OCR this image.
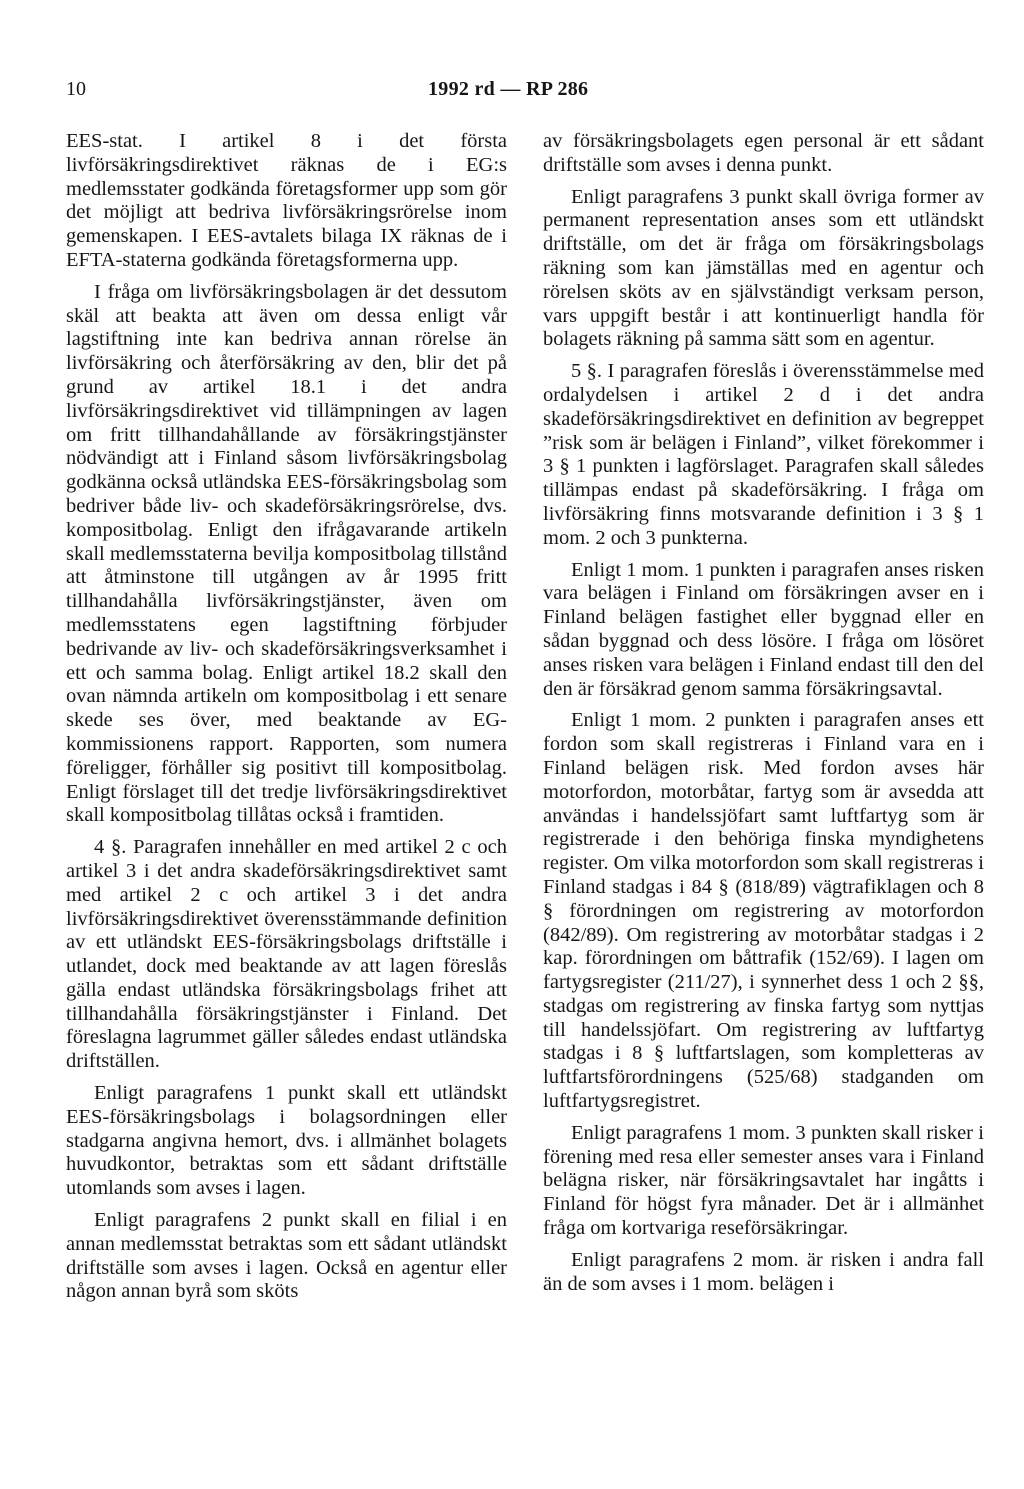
10	1992 rd — RP 286

EES-stat. I artikel 8 i det första livförsäkringsdirektivet räknas de i EG:s medlemsstater godkända företagsformer upp som gör det möjligt att bedriva livförsäkringsrörelse inom gemenskapen. I EES-avtalets bilaga IX räknas de i EFTA-staterna godkända företagsformerna upp.

I fråga om livförsäkringsbolagen är det dessutom skäl att beakta att även om dessa enligt vår lagstiftning inte kan bedriva annan rörelse än livförsäkring och återförsäkring av den, blir det på grund av artikel 18.1 i det andra livförsäkringsdirektivet vid tillämpningen av lagen om fritt tillhandahållande av försäkringstjänster nödvändigt att i Finland såsom livförsäkringsbolag godkänna också utländska EES-försäkringsbolag som bedriver både liv- och skadeförsäkringsrörelse, dvs. kompositbolag. Enligt den ifrågavarande artikeln skall medlemsstaterna bevilja kompositbolag tillstånd att åtminstone till utgången av år 1995 fritt tillhandahålla livförsäkringstjänster, även om medlemsstatens egen lagstiftning förbjuder bedrivande av liv- och skadeförsäkringsverksamhet i ett och samma bolag. Enligt artikel 18.2 skall den ovan nämnda artikeln om kompositbolag i ett senare skede ses över, med beaktande av EG-kommissionens rapport. Rapporten, som numera föreligger, förhåller sig positivt till kompositbolag. Enligt förslaget till det tredje livförsäkringsdirektivet skall kompositbolag tillåtas också i framtiden.

4 §. Paragrafen innehåller en med artikel 2 c och artikel 3 i det andra skadeförsäkringsdirektivet samt med artikel 2 c och artikel 3 i det andra livförsäkringsdirektivet överensstämmande definition av ett utländskt EES-försäkringsbolags driftställe i utlandet, dock med beaktande av att lagen föreslås gälla endast utländska försäkringsbolags frihet att tillhandahålla försäkringstjänster i Finland. Det föreslagna lagrummet gäller således endast utländska driftställen.

Enligt paragrafens 1 punkt skall ett utländskt EES-försäkringsbolags i bolagsordningen eller stadgarna angivna hemort, dvs. i allmänhet bolagets huvudkontor, betraktas som ett sådant driftställe utomlands som avses i lagen.

Enligt paragrafens 2 punkt skall en filial i en annan medlemsstat betraktas som ett sådant utländskt driftställe som avses i lagen. Också en agentur eller någon annan byrå som sköts

av försäkringsbolagets egen personal är ett sådant driftställe som avses i denna punkt.

Enligt paragrafens 3 punkt skall övriga former av permanent representation anses som ett utländskt driftställe, om det är fråga om försäkringsbolags räkning som kan jämställas med en agentur och rörelsen sköts av en självständigt verksam person, vars uppgift består i att kontinuerligt handla för bolagets räkning på samma sätt som en agentur.

5 §. I paragrafen föreslås i överensstämmelse med ordalydelsen i artikel 2 d i det andra skadeförsäkringsdirektivet en definition av begreppet ”risk som är belägen i Finland”, vilket förekommer i 3 § 1 punkten i lagförslaget. Paragrafen skall således tillämpas endast på skadeförsäkring. I fråga om livförsäkring finns motsvarande definition i 3 § 1 mom. 2 och 3 punkterna.

Enligt 1 mom. 1 punkten i paragrafen anses risken vara belägen i Finland om försäkringen avser en i Finland belägen fastighet eller byggnad eller en sådan byggnad och dess lösöre. I fråga om lösöret anses risken vara belägen i Finland endast till den del den är försäkrad genom samma försäkringsavtal.

Enligt 1 mom. 2 punkten i paragrafen anses ett fordon som skall registreras i Finland vara en i Finland belägen risk. Med fordon avses här motorfordon, motorbåtar, fartyg som är avsedda att användas i handelssjöfart samt luftfartyg som är registrerade i den behöriga finska myndighetens register. Om vilka motorfordon som skall registreras i Finland stadgas i 84 § (818/89) vägtrafiklagen och 8 § förordningen om registrering av motorfordon (842/89). Om registrering av motorbåtar stadgas i 2 kap. förordningen om båttrafik (152/69). I lagen om fartygsregister (211/27), i synnerhet dess 1 och 2 §§, stadgas om registrering av finska fartyg som nyttjas till handelssjöfart. Om registrering av luftfartyg stadgas i 8 § luftfartslagen, som kompletteras av luftfartsförordningens (525/68) stadganden om luftfartygsregistret.

Enligt paragrafens 1 mom. 3 punkten skall risker i förening med resa eller semester anses vara i Finland belägna risker, när försäkringsavtalet har ingåtts i Finland för högst fyra månader. Det är i allmänhet fråga om kortvariga reseförsäkringar.

Enligt paragrafens 2 mom. är risken i andra fall än de som avses i 1 mom. belägen i
